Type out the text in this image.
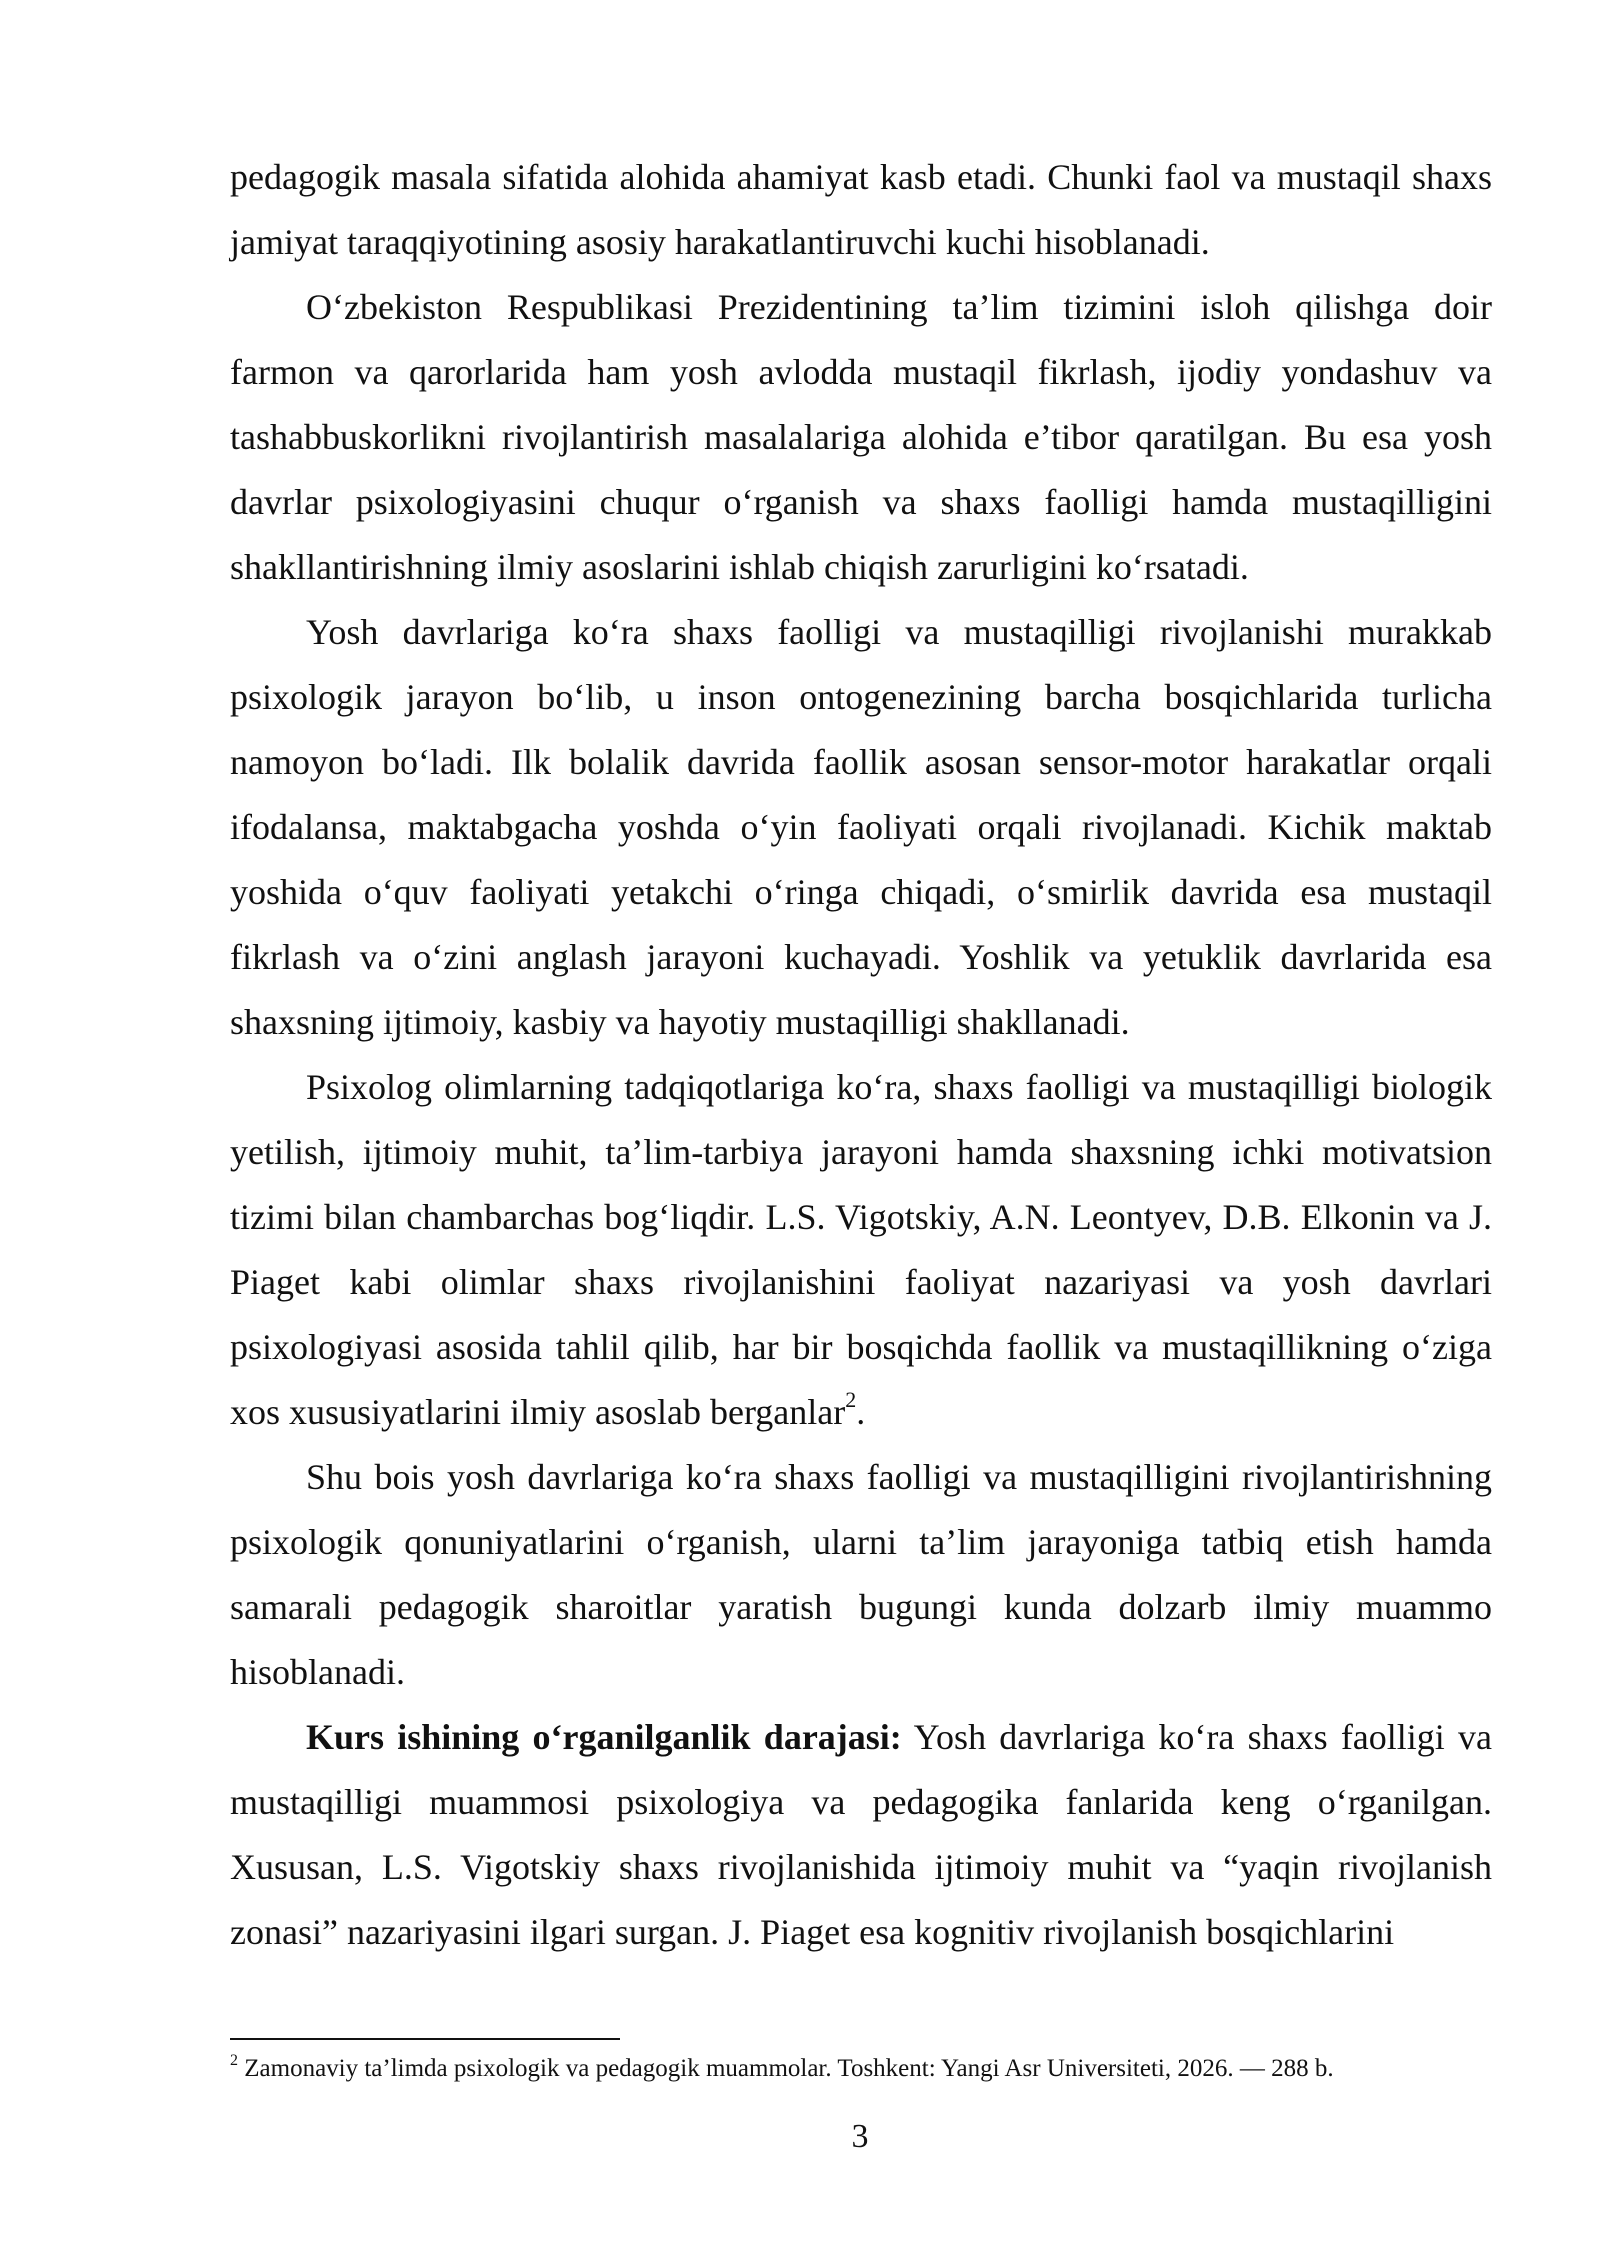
pedagogik masala sifatida alohida ahamiyat kasb etadi. Chunki faol va mustaqil shaxs jamiyat taraqqiyotining asosiy harakatlantiruvchi kuchi hisoblanadi.

O‘zbekiston Respublikasi Prezidentining ta’lim tizimini isloh qilishga doir farmon va qarorlarida ham yosh avlodda mustaqil fikrlash, ijodiy yondashuv va tashabbuskorlikni rivojlantirish masalalariga alohida e’tibor qaratilgan. Bu esa yosh davrlar psixologiyasini chuqur o‘rganish va shaxs faolligi hamda mustaqilligini shakllantirishning ilmiy asoslarini ishlab chiqish zarurligini ko‘rsatadi.

Yosh davrlariga ko‘ra shaxs faolligi va mustaqilligi rivojlanishi murakkab psixologik jarayon bo‘lib, u inson ontogenezining barcha bosqichlarida turlicha namoyon bo‘ladi. Ilk bolalik davrida faollik asosan sensor-motor harakatlar orqali ifodalansa, maktabgacha yoshda o‘yin faoliyati orqali rivojlanadi. Kichik maktab yoshida o‘quv faoliyati yetakchi o‘ringa chiqadi, o‘smirlik davrida esa mustaqil fikrlash va o‘zini anglash jarayoni kuchayadi. Yoshlik va yetuklik davrlarida esa shaxsning ijtimoiy, kasbiy va hayotiy mustaqilligi shakllanadi.

Psixolog olimlarning tadqiqotlariga ko‘ra, shaxs faolligi va mustaqilligi biologik yetilish, ijtimoiy muhit, ta’lim-tarbiya jarayoni hamda shaxsning ichki motivatsion tizimi bilan chambarchas bog‘liqdir. L.S. Vigotskiy, A.N. Leontyev, D.B. Elkonin va J. Piaget kabi olimlar shaxs rivojlanishini faoliyat nazariyasi va yosh davrlari psixologiyasi asosida tahlil qilib, har bir bosqichda faollik va mustaqillikning o‘ziga xos xususiyatlarini ilmiy asoslab berganlar$^2$.

Shu bois yosh davrlariga ko‘ra shaxs faolligi va mustaqilligini rivojlantirishning psixologik qonuniyatlarini o‘rganish, ularni ta’lim jarayoniga tatbiq etish hamda samarali pedagogik sharoitlar yaratish bugungi kunda dolzarb ilmiy muammo hisoblanadi.

Kurs ishining o‘rganilganlik darajasi: Yosh davrlariga ko‘ra shaxs faolligi va mustaqilligi muammosi psixologiya va pedagogika fanlarida keng o‘rganilgan. Xususan, L.S. Vigotskiy shaxs rivojlanishida ijtimoiy muhit va “yaqin rivojlanish zonasi” nazariyasini ilgari surgan. J. Piaget esa kognitiv rivojlanish bosqichlarini

$^2$ Zamonaviy ta’limda psixologik va pedagogik muammolar. Toshkent: Yangi Asr Universiteti, 2026. — 288 b.
3
